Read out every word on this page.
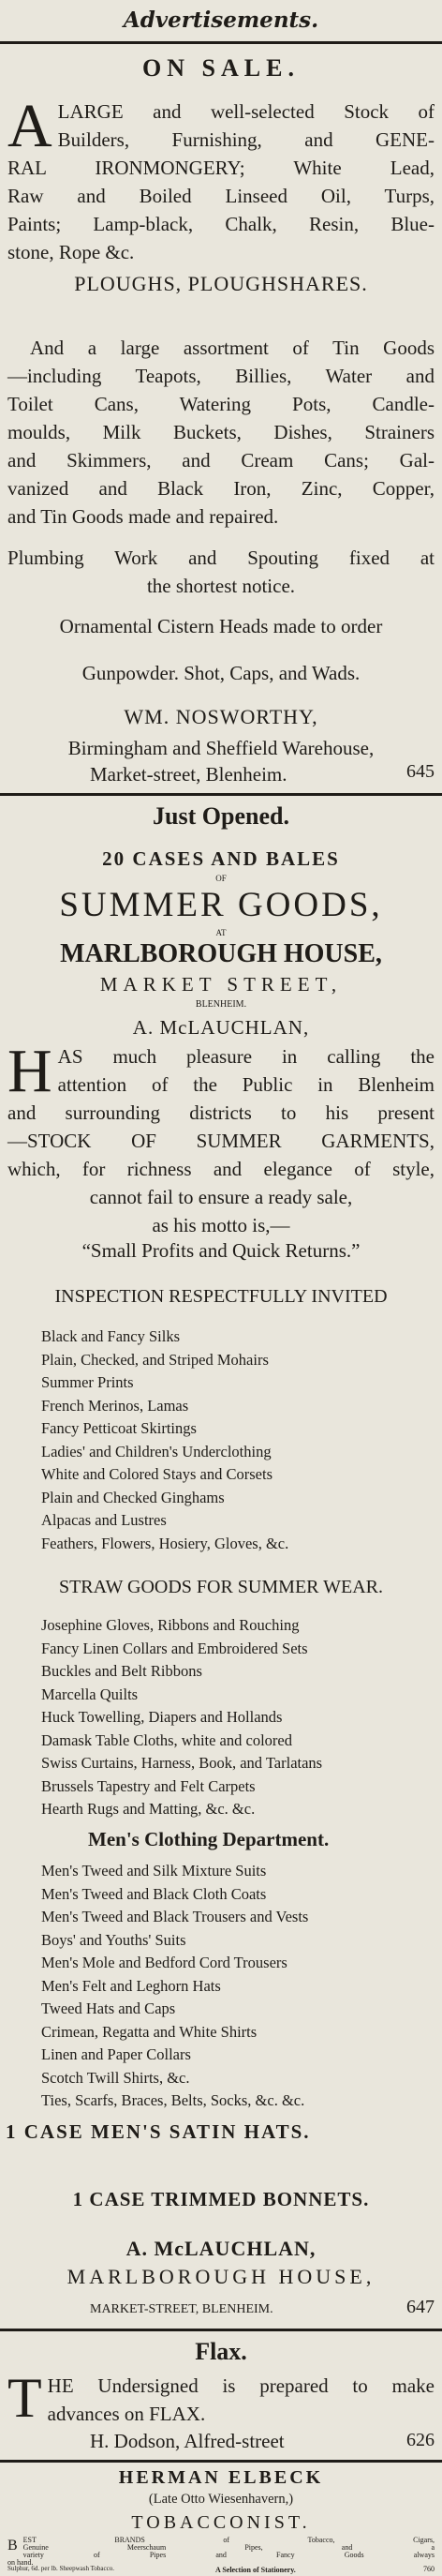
Advertisements.
ON SALE.
A LARGE and well-selected Stock of

Builders, Furnishing, and GENE-

RAL IRONMONGERY; White Lead,

Raw and Boiled Linseed Oil, Turps,

Paints; Lamp-black, Chalk, Resin, Blue-

stone, Rope &c.

PLOUGHS, PLOUGHSHARES.

And a large assortment of Tin Goods

—including Teapots, Billies, Water and

Toilet Cans, Watering Pots, Candle-

moulds, Milk Buckets, Dishes, Strainers

and Skimmers, and Cream Cans; Gal-

vanized and Black Iron, Zinc, Copper,

and Tin Goods made and repaired.

Plumbing Work and Spouting fixed at

the shortest notice.

Ornamental Cistern Heads made to order
Gunpowder. Shot, Caps, and Wads.
WM. NOSWORTHY,
Birmingham and Sheffield Warehouse,
Market-street, Blenheim.	645
Just Opened.
20 CASES AND BALES
OF
SUMMER GOODS,
AT
MARLBOROUGH HOUSE,
MARKET STREET,
BLENHEIM.
A. McLAUCHLAN,
H AS much pleasure in calling the

attention of the Public in Blenheim

and surrounding districts to his present

—STOCK OF SUMMER GARMENTS,

which, for richness and elegance of style,

cannot fail to ensure a ready sale,

as his motto is,—

“Small Profits and Quick Returns.”
INSPECTION RESPECTFULLY INVITED
Black and Fancy Silks
Plain, Checked, and Striped Mohairs
Summer Prints
French Merinos, Lamas
Fancy Petticoat Skirtings
Ladies' and Children's Underclothing
White and Colored Stays and Corsets
Plain and Checked Ginghams
Alpacas and Lustres
Feathers, Flowers, Hosiery, Gloves, &c.
STRAW GOODS FOR SUMMER WEAR.
Josephine Gloves, Ribbons and Rouching
Fancy Linen Collars and Embroidered Sets
Buckles and Belt Ribbons
Marcella Quilts
Huck Towelling, Diapers and Hollands
Damask Table Cloths, white and colored
Swiss Curtains, Harness, Book, and Tarlatans
Brussels Tapestry and Felt Carpets
Hearth Rugs and Matting, &c. &c.
Men's Clothing Department.
Men's Tweed and Silk Mixture Suits
Men's Tweed and Black Cloth Coats
Men's Tweed and Black Trousers and Vests
Boys' and Youths' Suits
Men's Mole and Bedford Cord Trousers
Men's Felt and Leghorn Hats
Tweed Hats and Caps
Crimean, Regatta and White Shirts
Linen and Paper Collars
Scotch Twill Shirts, &c.
Ties, Scarfs, Braces, Belts, Socks, &c. &c.
1 CASE MEN'S SATIN HATS.
1 CASE TRIMMED BONNETS.
A. McLAUCHLAN,
MARLBOROUGH HOUSE,
MARKET-STREET, BLENHEIM.	647
Flax.
T HE Undersigned is prepared to make

advances on FLAX.

H. Dodson, Alfred-street	626
HERMAN ELBECK
(Late Otto Wiesenhavern,)
TOBACCONIST.
B EST BRANDS of Tobacco, Cigars,

Genuine Meerschaum Pipes, and a

variety of Pipes and Fancy Goods always

on hand.

Sulphur, 6d. per lb. Sheepwash Tobacco.	A Selection of Stationery.	760
